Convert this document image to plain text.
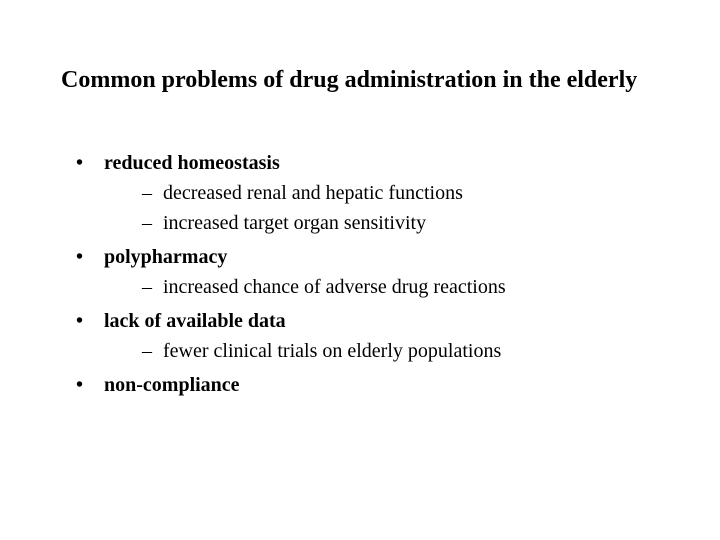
Common problems of drug administration in the elderly
• reduced homeostasis
– decreased renal and hepatic functions
– increased target organ sensitivity
• polypharmacy
– increased chance of adverse drug reactions
• lack of available data
– fewer clinical trials on elderly populations
• non-compliance
